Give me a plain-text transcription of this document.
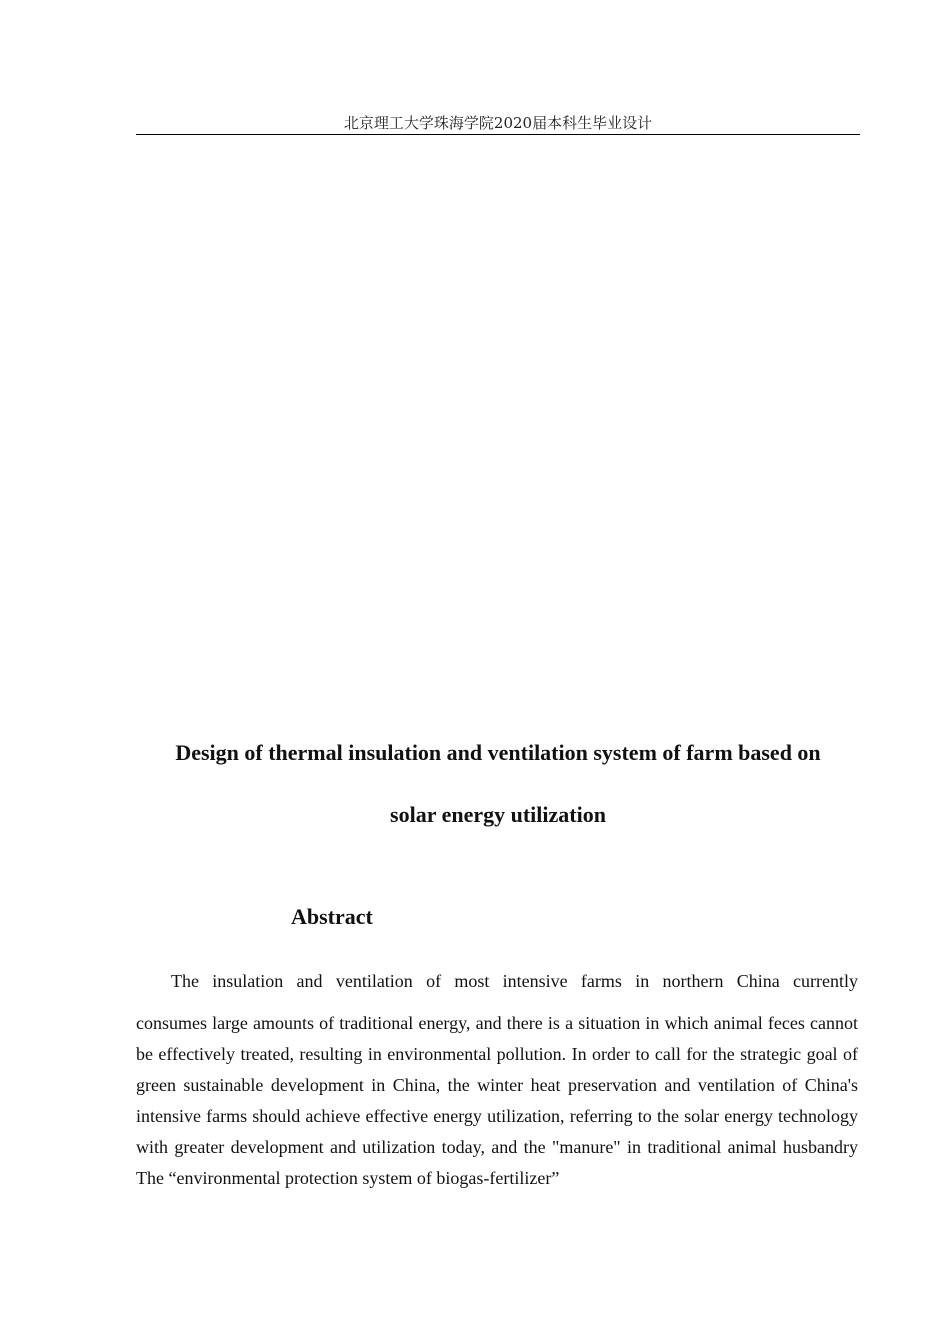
北京理工大学珠海学院2020届本科生毕业设计
Design of thermal insulation and ventilation system of farm based on
solar energy utilization
Abstract

The insulation and ventilation of most intensive farms in northern China currently
consumes large amounts of traditional energy, and there is a situation in which animal feces cannot be effectively treated, resulting in environmental pollution. In order to call for the strategic goal of green sustainable development in China, the winter heat preservation and ventilation of China's intensive farms should achieve effective energy utilization, referring to the solar energy technology with greater development and utilization today, and the "manure" in traditional animal husbandry The “environmental protection system of biogas-fertilizer”
